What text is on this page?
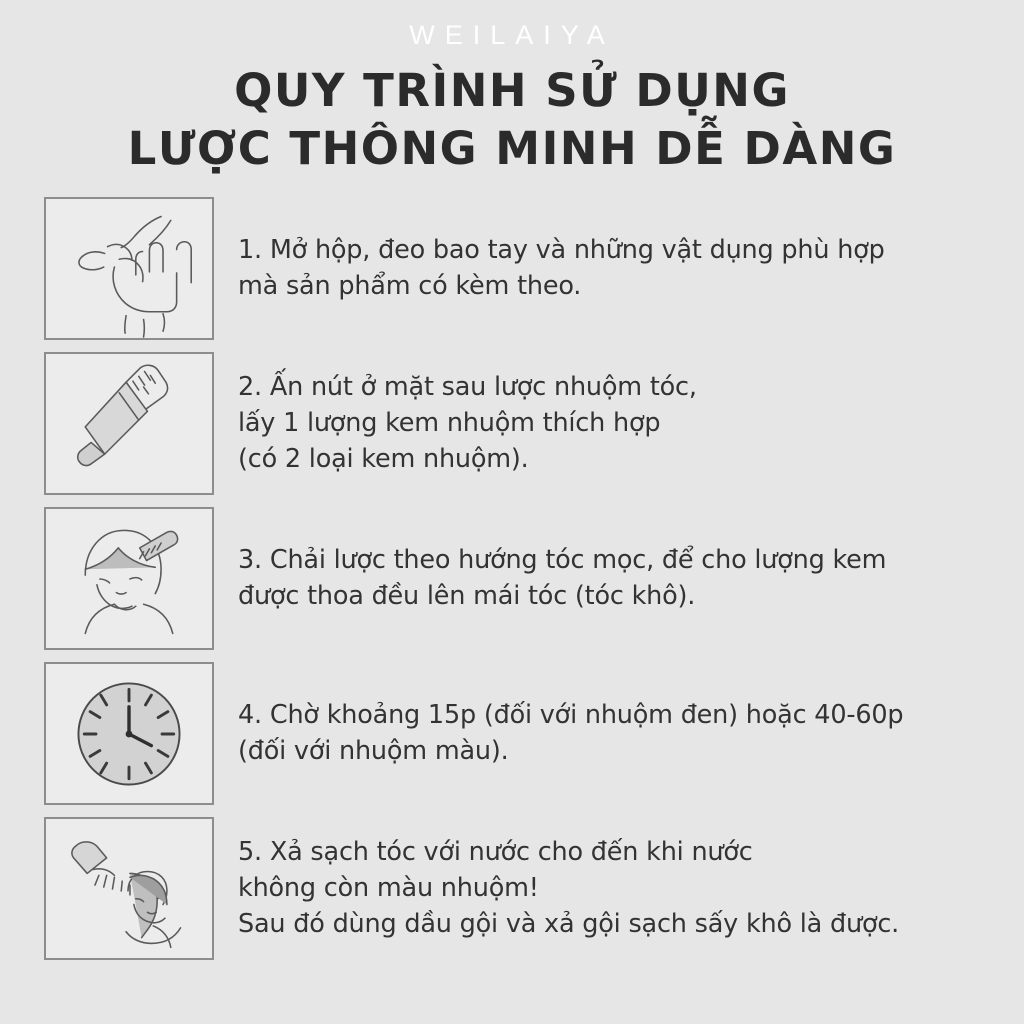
WEILAIYA
QUY TRÌNH SỬ DỤNG
LƯỢC THÔNG MINH DỄ DÀNG
1. Mở hộp, đeo bao tay và những vật dụng phù hợp
mà sản phẩm có kèm theo.
2. Ấn nút ở mặt sau lược nhuộm tóc,
lấy 1 lượng kem nhuộm thích hợp
(có 2 loại kem nhuộm).
3. Chải lược theo hướng tóc mọc, để cho lượng kem
được thoa đều lên mái tóc (tóc khô).
4. Chờ khoảng 15p (đối với nhuộm đen) hoặc 40-60p
(đối với nhuộm màu).
5. Xả sạch tóc với nước cho đến khi nước
không còn màu nhuộm!
Sau đó dùng dầu gội và xả gội sạch sấy khô là được.
